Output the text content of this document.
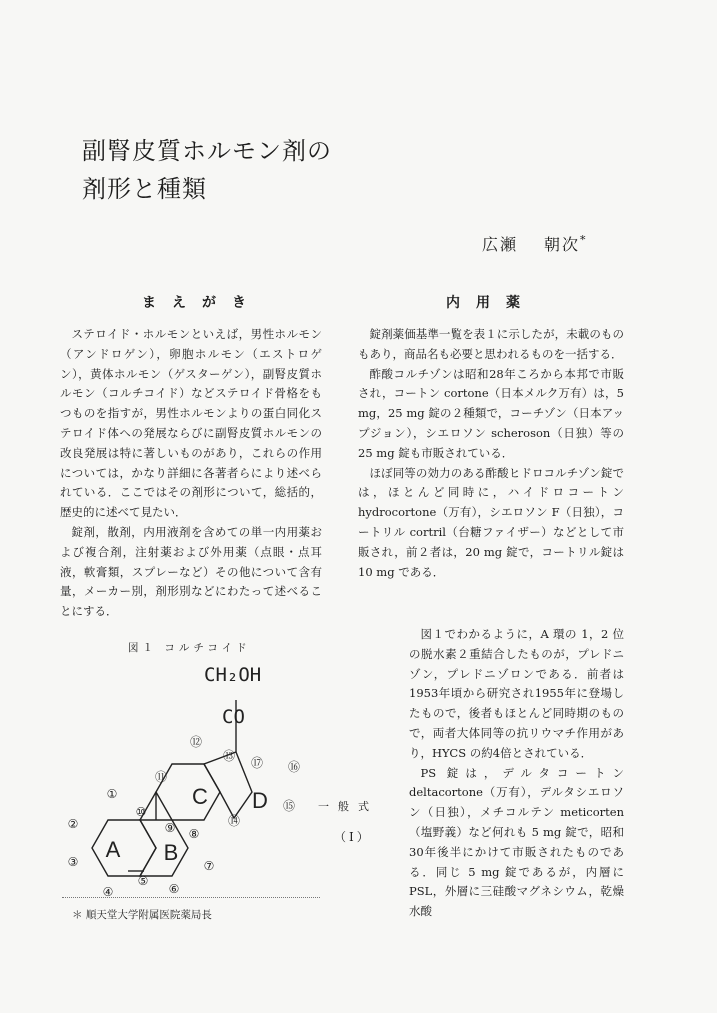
副腎皮質ホルモン剤の
剤形と種類
広瀬 朝次*
まえがき	内用薬

ステロイド・ホルモンといえば，男性ホルモン（アンドロゲン），卵胞ホルモン（エストロゲン），黄体ホルモン（ゲスターゲン），副腎皮質ホルモン（コルチコイド）などステロイド骨格をもつものを指すが，男性ホルモンよりの蛋白同化ステロイド体への発展ならびに副腎皮質ホルモンの改良発展は特に著しいものがあり，これらの作用については，かなり詳細に各著者らにより述べられている．ここではその剤形について，総括的，歴史的に述べて見たい．

錠剤，散剤，内用液剤を含めての単一内用薬および複合剤，注射薬および外用薬（点眼・点耳液，軟膏類，スプレーなど）その他について含有量，メーカー別，剤形別などにわたって述べることにする．

錠剤薬価基準一覧を表１に示したが，未載のものもあり，商品名も必要と思われるものを一括する．

酢酸コルチゾンは昭和28年ころから本邦で市販され，コートン cortone（日本メルク万有）は，5 mg，25 mg 錠の２種類で，コーチゾン（日本アップジョン），シエロソン scheroson（日独）等の 25 mg 錠も市販されている．

ほぼ同等の効力のある酢酸ヒドロコルチゾン錠では，ほとんど同時に，ハイドロコートン hydrocortone（万有），シエロソン F（日独），コートリル cortril（台糖ファイザー）などとして市販され，前２者は，20 mg 錠で，コートリル錠は 10 mg である．

図１でわかるように，A 環の 1，2 位の脱水素２重結合したものが，プレドニゾン，プレドニゾロンである．前者は1953年頃から研究され1955年に登場したもので，後者もほとんど同時期のもので，両者大体同等の抗リウマチ作用があり，HYCS の約4倍とされている．

PS 錠は，デルタコートン deltacortone（万有），デルタシエロソン（日独），メチコルテン meticorten（塩野義）など何れも 5 mg 錠で，昭和30年後半にかけて市販されたものである．同じ 5 mg 錠であるが，内層に PSL，外層に三硅酸マグネシウム，乾燥水酸

図１ コルチコイド
一般式
（Ⅰ）
CH₂OH
CO
A B
C D
①
②
③
④
⑤
⑥
⑦
⑧
⑨
⑩
⑪
⑫
⑬
⑭
⑮
⑯
⑰
＊ 順天堂大学附属医院薬局長
